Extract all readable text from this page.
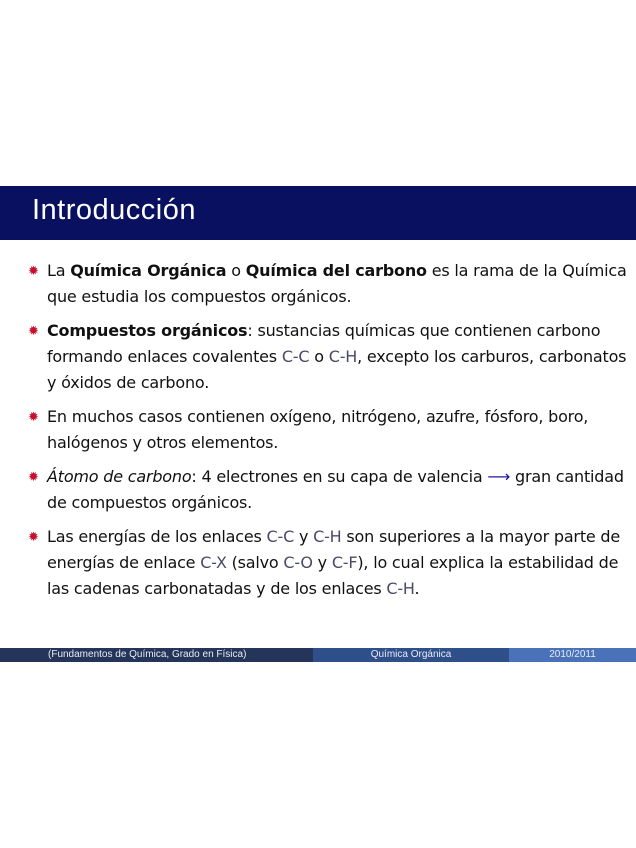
Introducción
✹ La Química Orgánica o Química del carbono es la rama de la Química que estudia los compuestos orgánicos.
✹ Compuestos orgánicos: sustancias químicas que contienen carbono formando enlaces covalentes C-C o C-H, excepto los carburos, carbonatos y óxidos de carbono.
✹ En muchos casos contienen oxígeno, nitrógeno, azufre, fósforo, boro, halógenos y otros elementos.
✹ Átomo de carbono: 4 electrones en su capa de valencia ⟶ gran cantidad de compuestos orgánicos.
✹ Las energías de los enlaces C-C y C-H son superiores a la mayor parte de energías de enlace C-X (salvo C-O y C-F), lo cual explica la estabilidad de las cadenas carbonatadas y de los enlaces C-H.
(Fundamentos de Química, Grado en Física)	Química Orgánica	2010/2011
